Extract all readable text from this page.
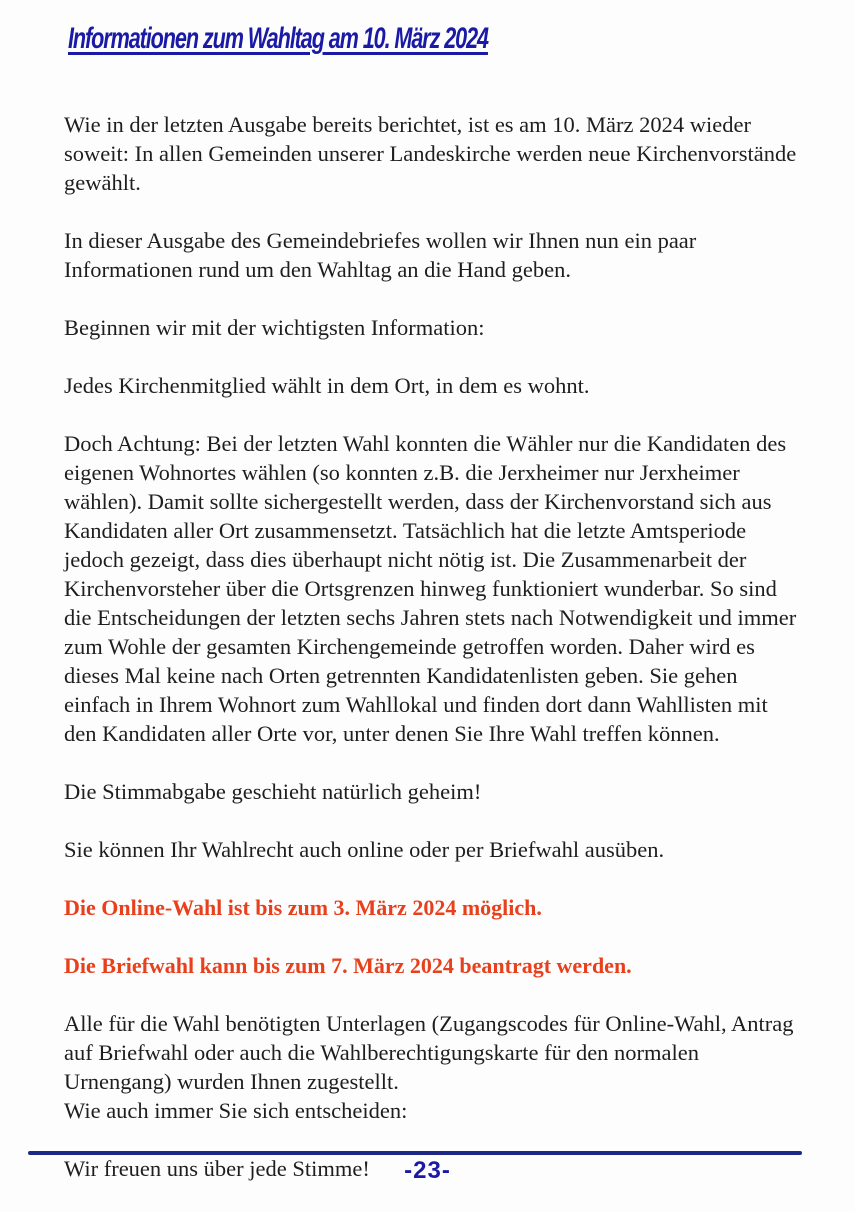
Informationen zum Wahltag am 10. März 2024

Wie in der letzten Ausgabe bereits berichtet, ist es am 10. März 2024 wieder soweit: In allen Gemeinden unserer Landeskirche werden neue Kirchenvorstände gewählt.

In dieser Ausgabe des Gemeindebriefes wollen wir Ihnen nun ein paar Informationen rund um den Wahltag an die Hand geben.

Beginnen wir mit der wichtigsten Information:

Jedes Kirchenmitglied wählt in dem Ort, in dem es wohnt.

Doch Achtung: Bei der letzten Wahl konnten die Wähler nur die Kandidaten des eigenen Wohnortes wählen (so konnten z.B. die Jerxheimer nur Jerxheimer wählen). Damit sollte sichergestellt werden, dass der Kirchenvorstand sich aus Kandidaten aller Ort zusammensetzt. Tatsächlich hat die letzte Amtsperiode jedoch gezeigt, dass dies überhaupt nicht nötig ist. Die Zusammenarbeit der Kirchenvorsteher über die Ortsgrenzen hinweg funktioniert wunderbar. So sind die Entscheidungen der letzten sechs Jahren stets nach Notwendigkeit und immer zum Wohle der gesamten Kirchengemeinde getroffen worden. Daher wird es dieses Mal keine nach Orten getrennten Kandidatenlisten geben. Sie gehen einfach in Ihrem Wohnort zum Wahllokal und finden dort dann Wahllisten mit den Kandidaten aller Orte vor, unter denen Sie Ihre Wahl treffen können.

Die Stimmabgabe geschieht natürlich geheim!

Sie können Ihr Wahlrecht auch online oder per Briefwahl ausüben.

Die Online-Wahl ist bis zum 3. März 2024 möglich.

Die Briefwahl kann bis zum 7. März 2024 beantragt werden.

Alle für die Wahl benötigten Unterlagen (Zugangscodes für Online-Wahl, Antrag auf Briefwahl oder auch die Wahlberechtigungskarte für den normalen Urnengang) wurden Ihnen zugestellt.

Wie auch immer Sie sich entscheiden:

Wir freuen uns über jede Stimme!	-23-
